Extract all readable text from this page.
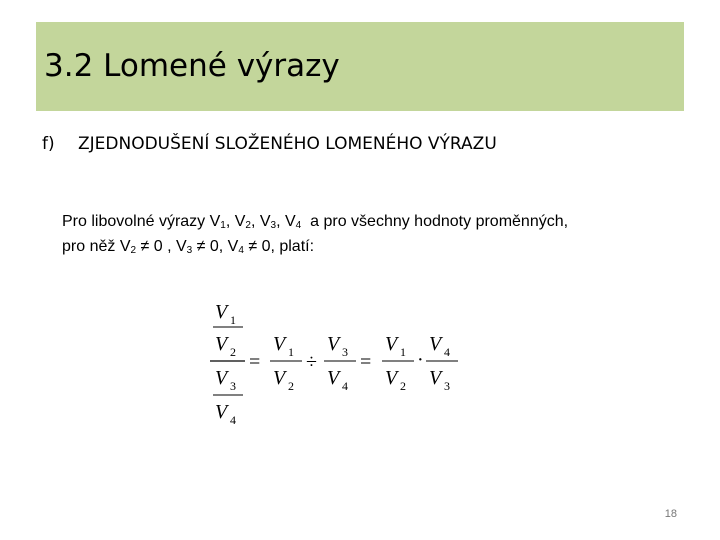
3.2 Lomené výrazy
f) ZJEDNODUŠENÍ SLOŽENÉHO LOMENÉHO VÝRAZU
Pro libovolné výrazy $V_1$, $V_2$, $V_3$, $V_4$  a pro všechny hodnoty proměnných,
pro něž $V_2 \ne 0$ , $V_3 \ne 0$, $V_4 \ne 0$, platí:
V 1
V 2
V 3
V 4
=
V 1
V 2
÷
V 3
V 4
=
V 1
V 2
·
V 4
V 3
18
